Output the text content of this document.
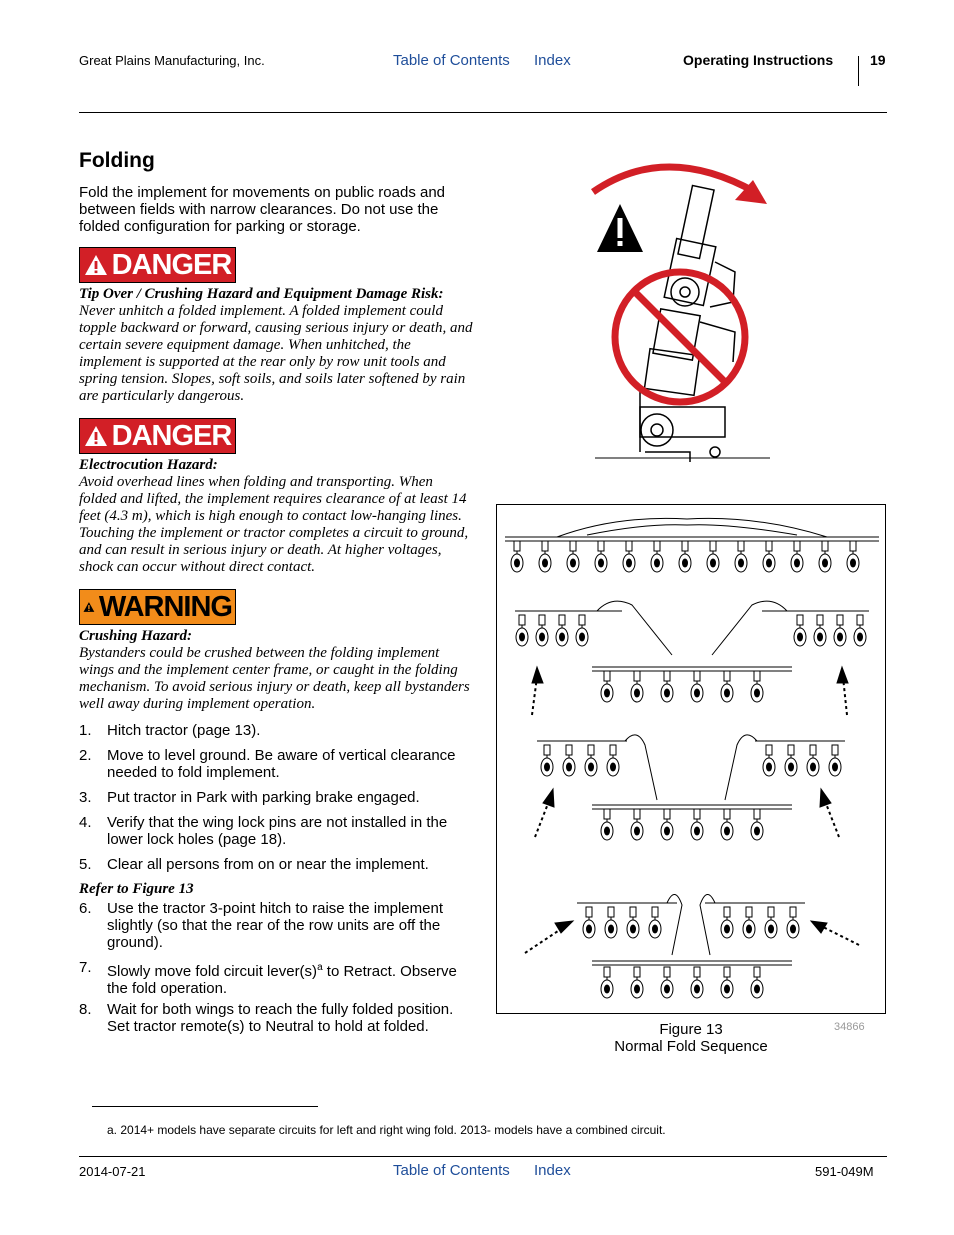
Great Plains Manufacturing, Inc.	Table of Contents Index	Operating Instructions	19
Folding
Fold the implement for movements on public roads and between fields with narrow clearances. Do not use the folded configuration for parking or storage.
DANGER
Tip Over / Crushing Hazard and Equipment Damage Risk:
Never unhitch a folded implement. A folded implement could topple backward or forward, causing serious injury or death, and certain severe equipment damage. When unhitched, the implement is supported at the rear only by row unit tools and spring tension. Slopes, soft soils, and soils later softened by rain are particularly dangerous.
DANGER
Electrocution Hazard:
Avoid overhead lines when folding and transporting. When folded and lifted, the implement requires clearance of at least 14 feet (4.3 m), which is high enough to contact low-hanging lines. Touching the implement or tractor completes a circuit to ground, and can result in serious injury or death. At higher voltages, shock can occur without direct contact.
WARNING
Crushing Hazard:
Bystanders could be crushed between the folding implement wings and the implement center frame, or caught in the folding mechanism. To avoid serious injury or death, keep all bystanders well away during implement operation.
1. Hitch tractor (page 13).
2. Move to level ground. Be aware of vertical clearance needed to fold implement.
3. Put tractor in Park with parking brake engaged.
4. Verify that the wing lock pins are not installed in the lower lock holes (page 18).
5. Clear all persons from on or near the implement.
Refer to Figure 13
6. Use the tractor 3-point hitch to raise the implement slightly (so that the rear of the row units are off the ground).
7. Slowly move fold circuit $lever(s)^a$ to Retract. Observe the fold operation.
8. Wait for both wings to reach the fully folded position. Set tractor remote(s) to Neutral to hold at folded.	Figure 13
Normal Fold Sequence
34866
a. 2014+ models have separate circuits for left and right wing fold. 2013- models have a combined circuit.
2014-07-21	Table of Contents Index	591-049M
